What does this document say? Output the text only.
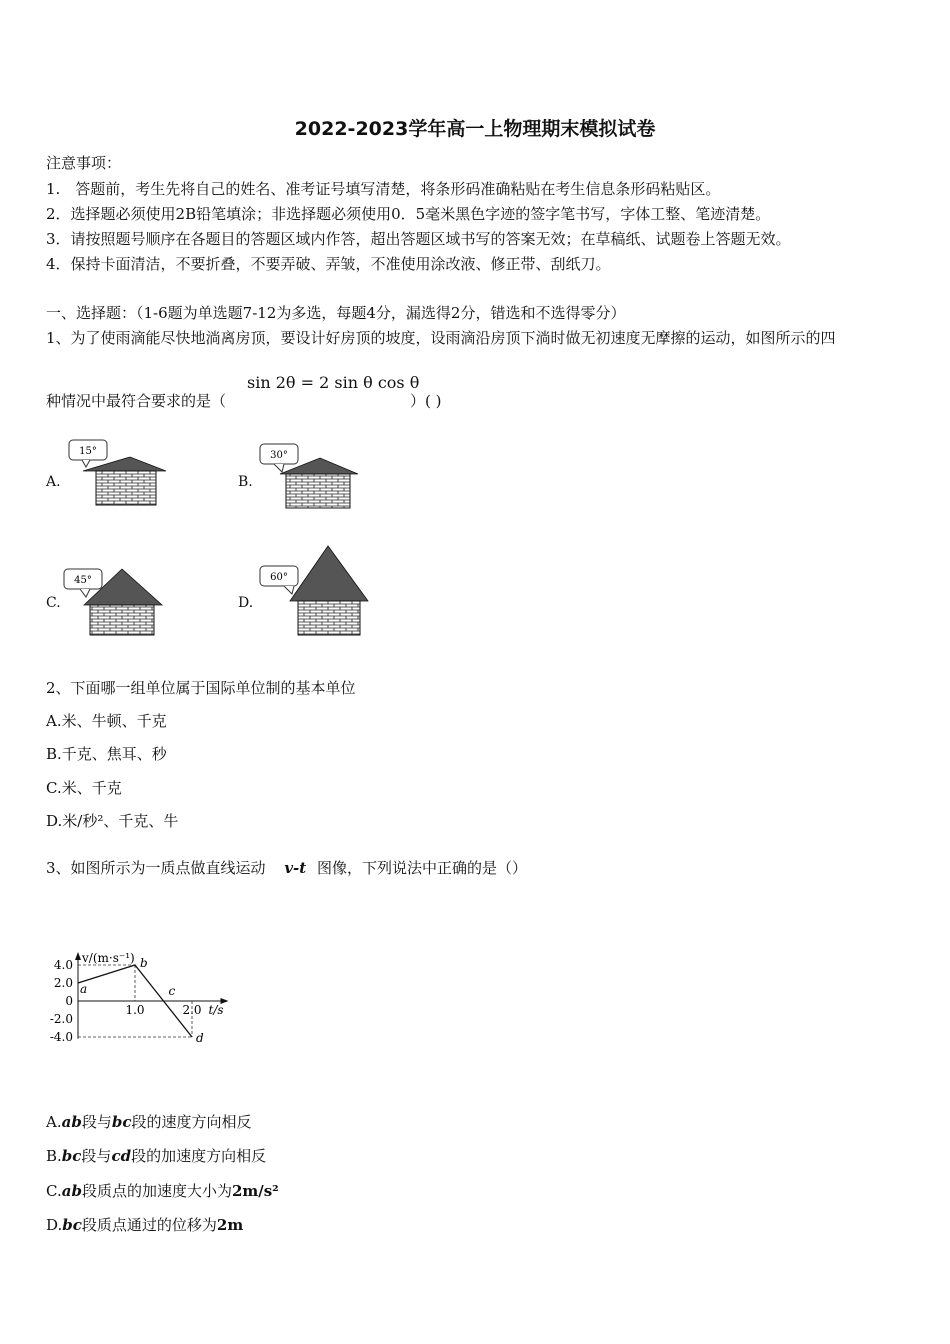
2022-2023学年高一上物理期末模拟试卷
注意事项：
1.　答题前，考生先将自己的姓名、准考证号填写清楚，将条形码准确粘贴在考生信息条形码粘贴区。
2．选择题必须使用2B铅笔填涂；非选择题必须使用0．5毫米黑色字迹的签字笔书写，字体工整、笔迹清楚。
3．请按照题号顺序在各题目的答题区域内作答，超出答题区域书写的答案无效；在草稿纸、试题卷上答题无效。
4．保持卡面清洁，不要折叠，不要弄破、弄皱，不准使用涂改液、修正带、刮纸刀。
一、选择题：（1-6题为单选题7-12为多选，每题4分，漏选得2分，错选和不选得零分）
1、为了使雨滴能尽快地淌离房顶，要设计好房顶的坡度，设雨滴沿房顶下淌时做无初速度无摩擦的运动，如图所示的四
种情况中最符合要求的是（
sin 2θ = 2 sin θ cos θ
）( )
A.	B.
C.	D.
15°	30°
45°	60°
2、下面哪一组单位属于国际单位制的基本单位
A.米、牛顿、千克
B.千克、焦耳、秒
C.米、千克
D.米/秒²、千克、牛
3、如图所示为一质点做直线运动 v-t 图像，下列说法中正确的是（）
v/(m·s⁻¹)
t/s
4.0
2.0
0
-2.0
-4.0
1.0	2.0
a
b
c
d
A.ab段与bc段的速度方向相反
B.bc段与cd段的加速度方向相反
C.ab段质点的加速度大小为2m/s²
D.bc段质点通过的位移为2m
